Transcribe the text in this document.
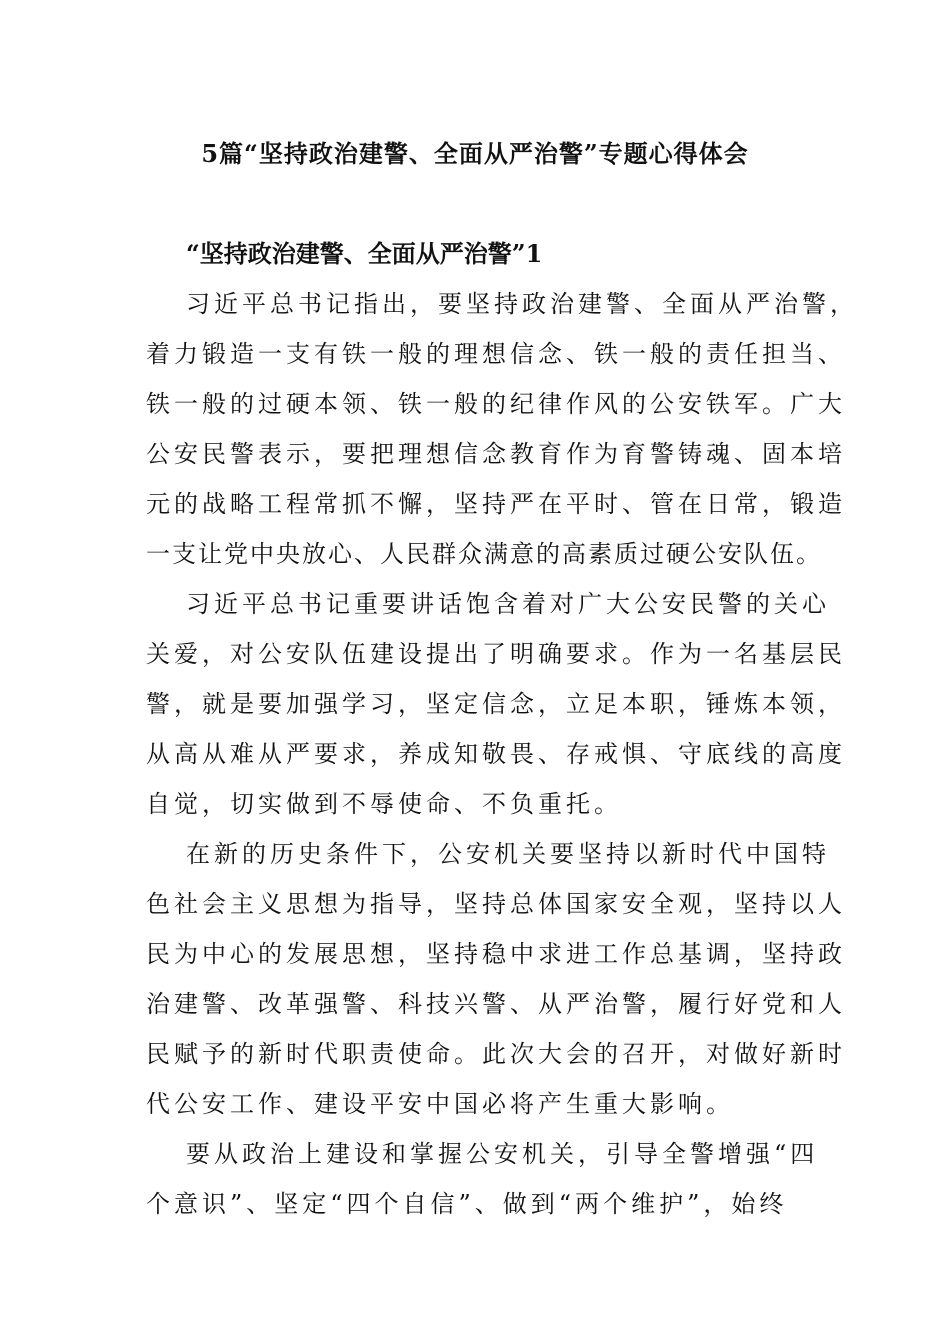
5篇“坚持政治建警、全面从严治警”专题心得体会
“坚持政治建警、全面从严治警”1
习近平总书记指出，要坚持政治建警、全面从严治警，
着力锻造一支有铁一般的理想信念、铁一般的责任担当、
铁一般的过硬本领、铁一般的纪律作风的公安铁军。广大
公安民警表示，要把理想信念教育作为育警铸魂、固本培
元的战略工程常抓不懈，坚持严在平时、管在日常，锻造
一支让党中央放心、人民群众满意的高素质过硬公安队伍。
习近平总书记重要讲话饱含着对广大公安民警的关心
关爱，对公安队伍建设提出了明确要求。作为一名基层民
警，就是要加强学习，坚定信念，立足本职，锤炼本领，
从高从难从严要求，养成知敬畏、存戒惧、守底线的高度
自觉，切实做到不辱使命、不负重托。
在新的历史条件下，公安机关要坚持以新时代中国特
色社会主义思想为指导，坚持总体国家安全观，坚持以人
民为中心的发展思想，坚持稳中求进工作总基调，坚持政
治建警、改革强警、科技兴警、从严治警，履行好党和人
民赋予的新时代职责使命。此次大会的召开，对做好新时
代公安工作、建设平安中国必将产生重大影响。
要从政治上建设和掌握公安机关，引导全警增强“四
个意识”、坚定“四个自信”、做到“两个维护”，始终
